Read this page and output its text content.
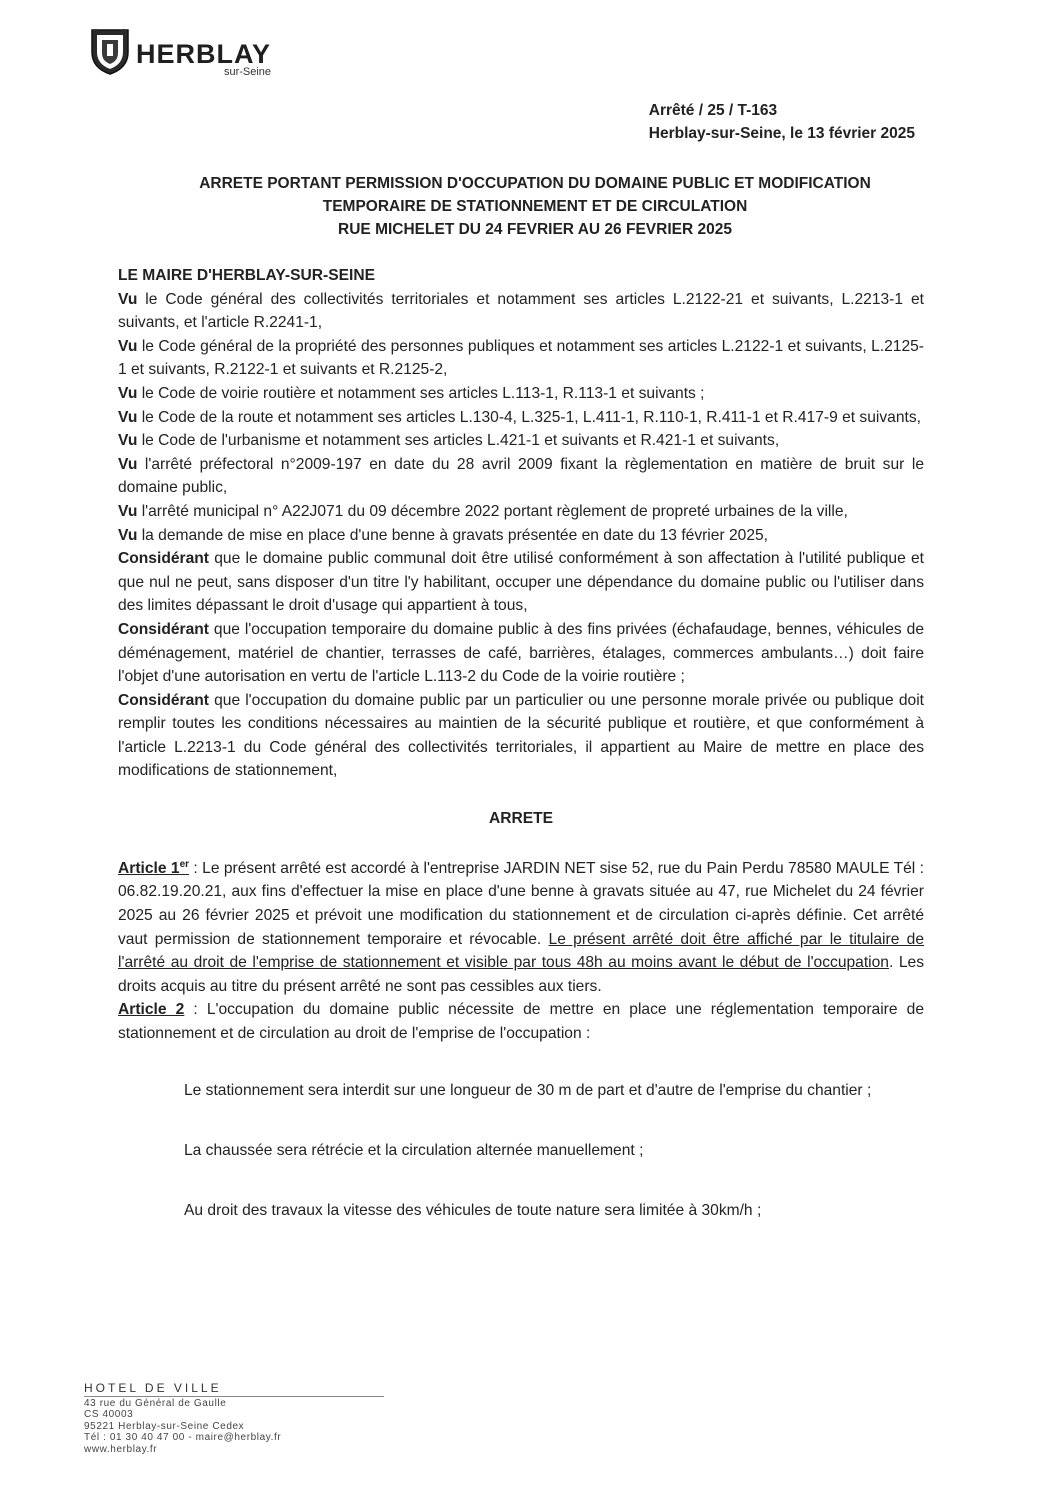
HERBLAY
sur-Seine
Arrêté / 25 / T-163
Herblay-sur-Seine, le 13 février 2025
ARRETE PORTANT PERMISSION D'OCCUPATION DU DOMAINE PUBLIC ET MODIFICATION
TEMPORAIRE DE STATIONNEMENT ET DE CIRCULATION
RUE MICHELET DU 24 FEVRIER AU 26 FEVRIER 2025

LE MAIRE D'HERBLAY-SUR-SEINE

Vu le Code général des collectivités territoriales et notamment ses articles L.2122-21 et suivants, L.2213-1 et suivants, et l'article R.2241-1,

Vu le Code général de la propriété des personnes publiques et notamment ses articles L.2122-1 et suivants, L.2125-1 et suivants, R.2122-1 et suivants et R.2125-2,

Vu le Code de voirie routière et notamment ses articles L.113-1, R.113-1 et suivants ;

Vu le Code de la route et notamment ses articles L.130-4, L.325-1, L.411-1, R.110-1, R.411-1 et R.417-9 et suivants,

Vu le Code de l'urbanisme et notamment ses articles L.421-1 et suivants et R.421-1 et suivants,

Vu l'arrêté préfectoral n°2009-197 en date du 28 avril 2009 fixant la règlementation en matière de bruit sur le domaine public,

Vu l'arrêté municipal n° A22J071 du 09 décembre 2022 portant règlement de propreté urbaines de la ville,

Vu la demande de mise en place d'une benne à gravats présentée en date du 13 février 2025,

Considérant que le domaine public communal doit être utilisé conformément à son affectation à l'utilité publique et que nul ne peut, sans disposer d'un titre l'y habilitant, occuper une dépendance du domaine public ou l'utiliser dans des limites dépassant le droit d'usage qui appartient à tous,

Considérant que l'occupation temporaire du domaine public à des fins privées (échafaudage, bennes, véhicules de déménagement, matériel de chantier, terrasses de café, barrières, étalages, commerces ambulants…) doit faire l'objet d'une autorisation en vertu de l'article L.113-2 du Code de la voirie routière ;

Considérant que l'occupation du domaine public par un particulier ou une personne morale privée ou publique doit remplir toutes les conditions nécessaires au maintien de la sécurité publique et routière, et que conformément à l'article L.2213-1 du Code général des collectivités territoriales, il appartient au Maire de mettre en place des modifications de stationnement,

ARRETE

Article 1er : Le présent arrêté est accordé à l'entreprise JARDIN NET sise 52, rue du Pain Perdu 78580 MAULE Tél : 06.82.19.20.21, aux fins d'effectuer la mise en place d'une benne à gravats située au 47, rue Michelet du 24 février 2025 au 26 février 2025 et prévoit une modification du stationnement et de circulation ci-après définie. Cet arrêté vaut permission de stationnement temporaire et révocable. Le présent arrêté doit être affiché par le titulaire de l'arrêté au droit de l'emprise de stationnement et visible par tous 48h au moins avant le début de l'occupation. Les droits acquis au titre du présent arrêté ne sont pas cessibles aux tiers.

Article 2 : L'occupation du domaine public nécessite de mettre en place une réglementation temporaire de stationnement et de circulation au droit de l'emprise de l'occupation :

Le stationnement sera interdit sur une longueur de 30 m de part et d'autre de l'emprise du chantier ;

La chaussée sera rétrécie et la circulation alternée manuellement ;

Au droit des travaux la vitesse des véhicules de toute nature sera limitée à 30km/h ;

HOTEL DE VILLE
43 rue du Général de Gaulle
CS 40003
95221 Herblay-sur-Seine Cedex
Tél : 01 30 40 47 00 - maire@herblay.fr
www.herblay.fr
